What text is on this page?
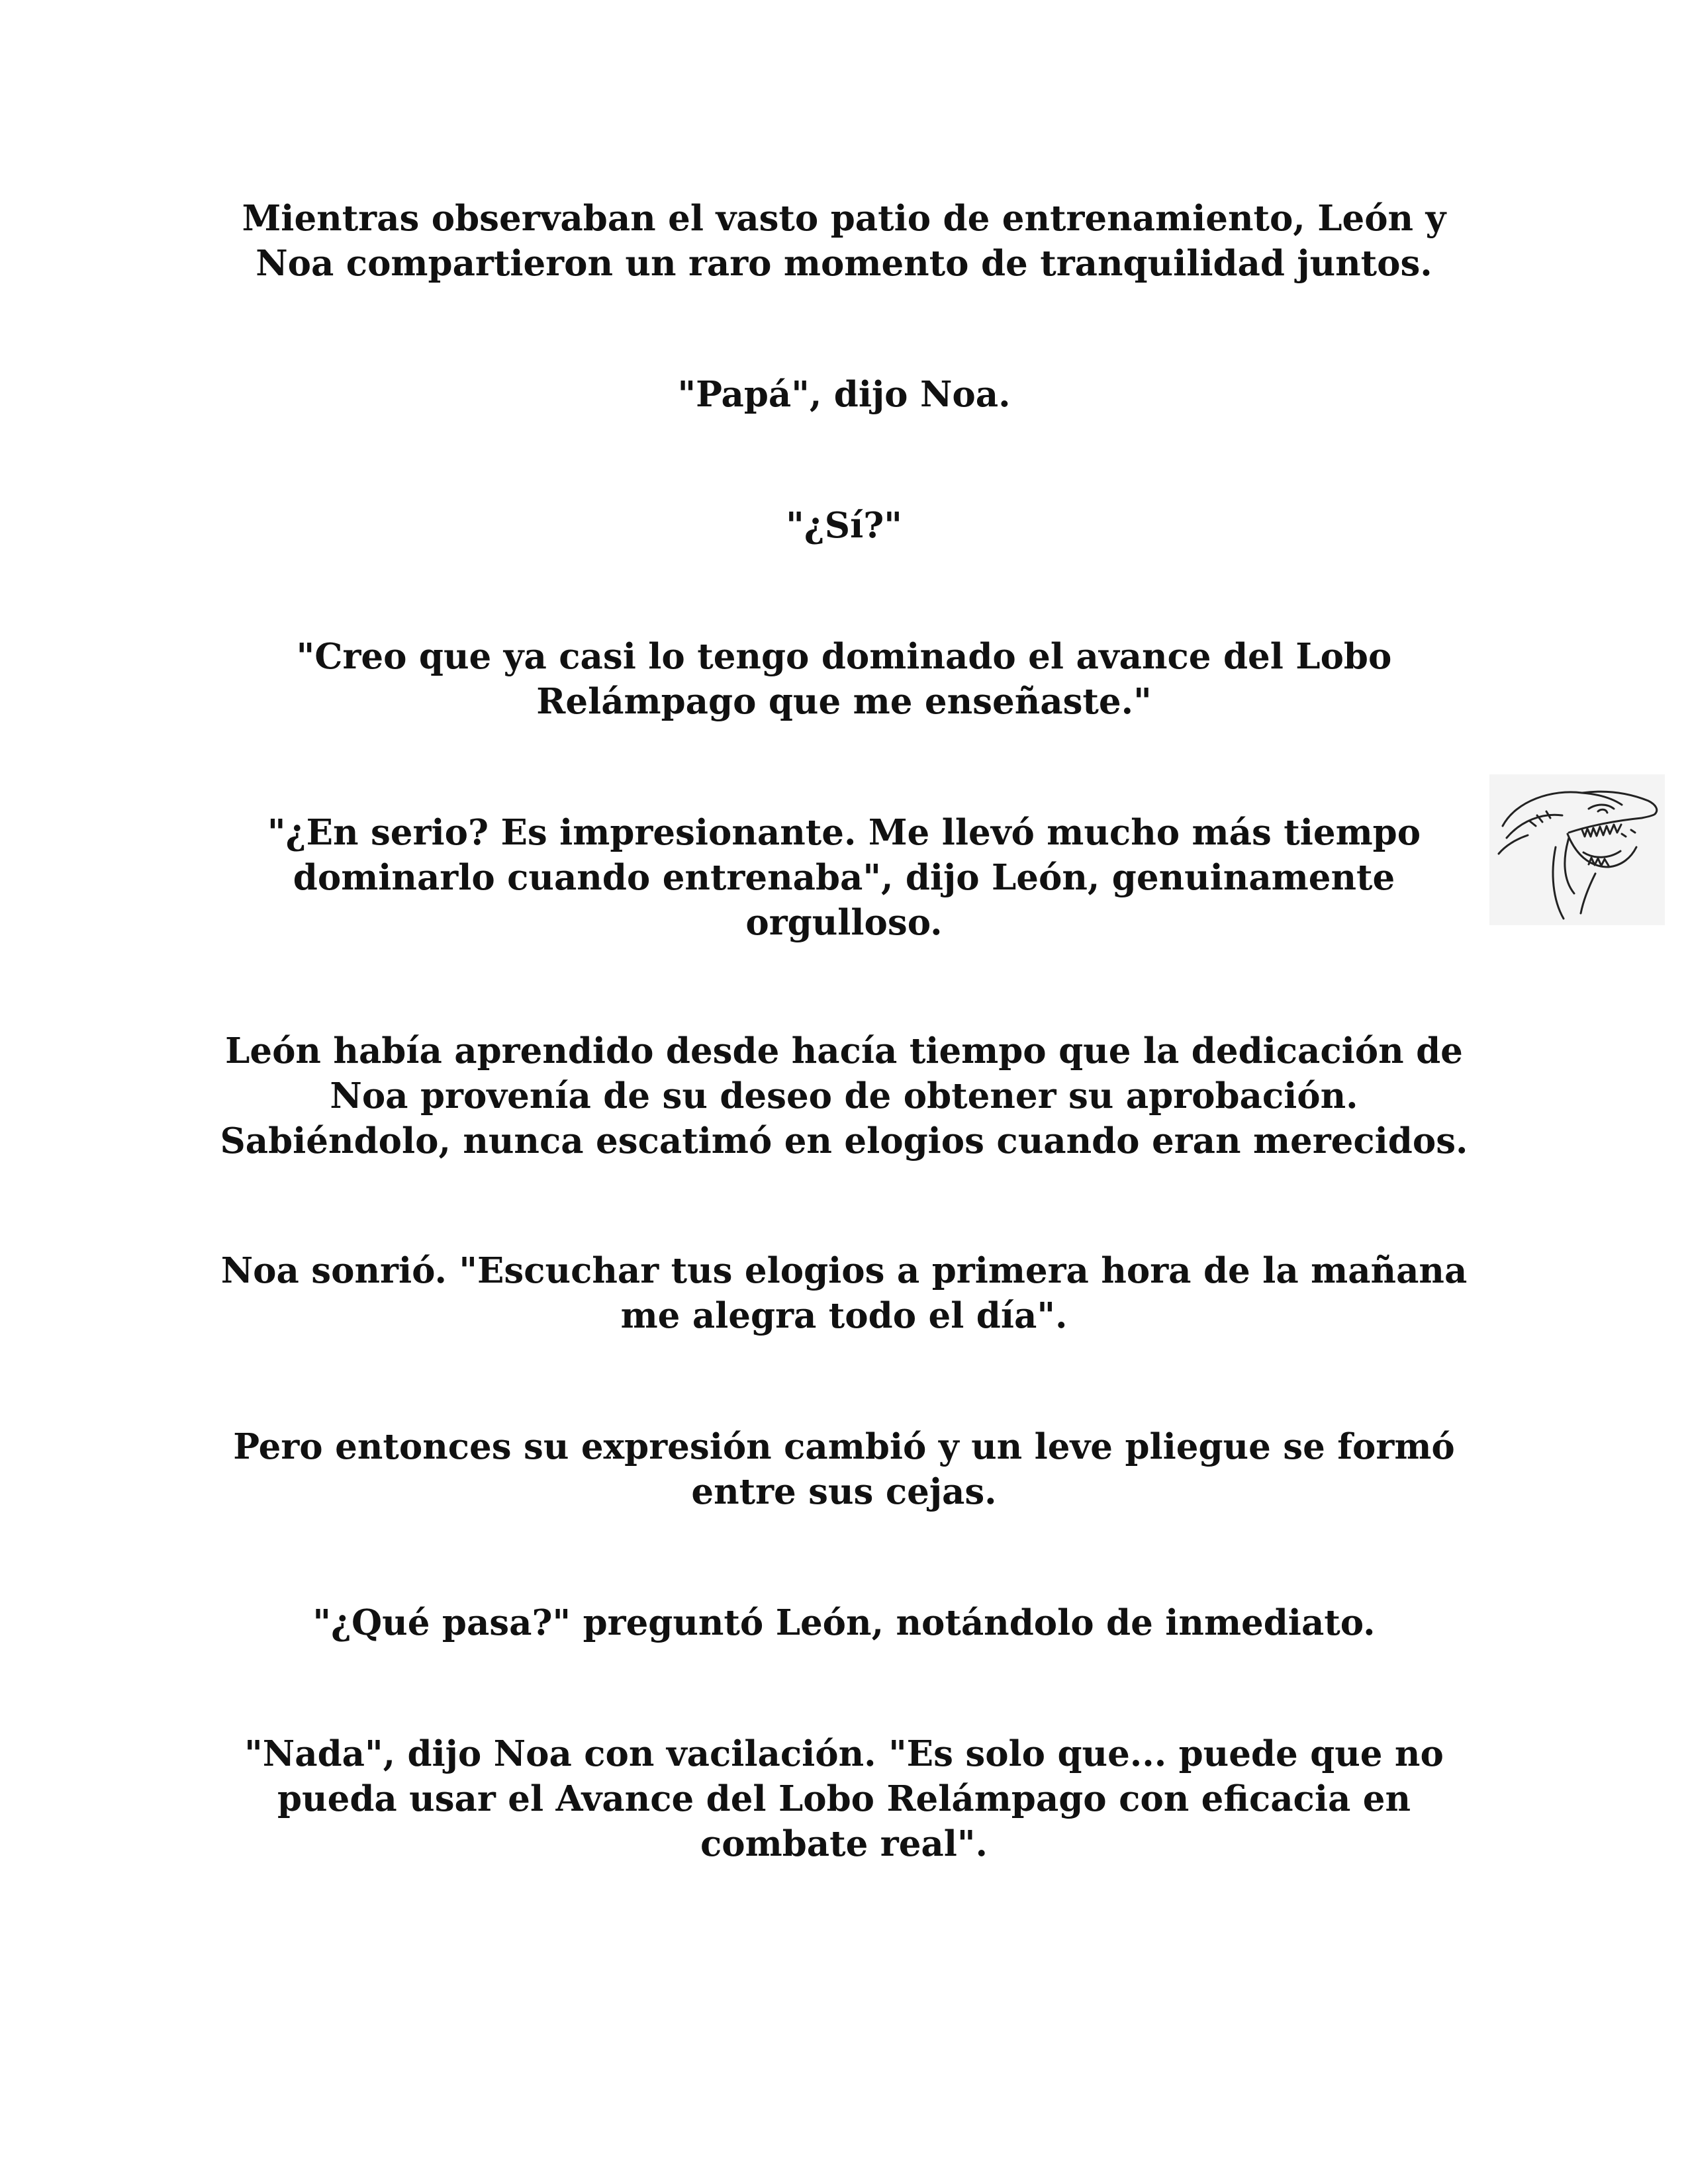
Mientras observaban el vasto patio de entrenamiento, León y
Noa compartieron un raro momento de tranquilidad juntos.

"Papá", dijo Noa.

"¿Sí?"

"Creo que ya casi lo tengo dominado el avance del Lobo
Relámpago que me enseñaste."

"¿En serio? Es impresionante. Me llevó mucho más tiempo
dominarlo cuando entrenaba", dijo León, genuinamente
orgulloso.

León había aprendido desde hacía tiempo que la dedicación de
Noa provenía de su deseo de obtener su aprobación.
Sabiéndolo, nunca escatimó en elogios cuando eran merecidos.

Noa sonrió. "Escuchar tus elogios a primera hora de la mañana
me alegra todo el día".

Pero entonces su expresión cambió y un leve pliegue se formó
entre sus cejas.

"¿Qué pasa?" preguntó León, notándolo de inmediato.

"Nada", dijo Noa con vacilación. "Es solo que... puede que no
pueda usar el Avance del Lobo Relámpago con eficacia en
combate real".
